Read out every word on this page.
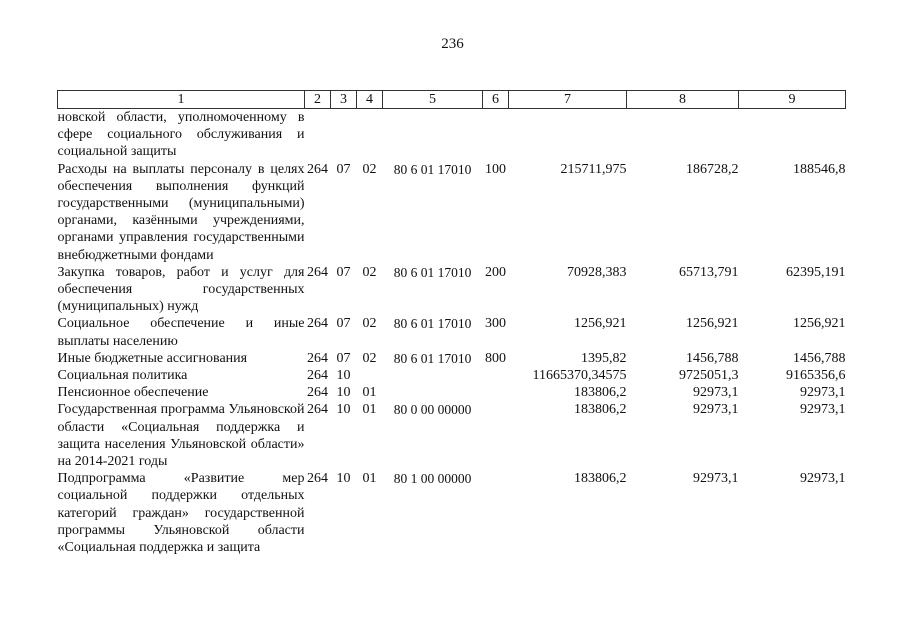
236
1	2	3	4	5	6	7	8	9
новской области, уполномоченному в сфере социального обслуживания и социальной защиты								
Расходы на выплаты персоналу в целях обеспечения выполнения функций государственными (муниципальными) органами, казёнными учреждениями, органами управления государственными внебюджетными фондами	264	07	02	80 6 01 17010	100	215711,975	186728,2	188546,8
Закупка товаров, работ и услуг для обеспечения государственных (муниципальных) нужд	264	07	02	80 6 01 17010	200	70928,383	65713,791	62395,191
Социальное обеспечение и иные выплаты населению	264	07	02	80 6 01 17010	300	1256,921	1256,921	1256,921
Иные бюджетные ассигнования	264	07	02	80 6 01 17010	800	1395,82	1456,788	1456,788
Социальная политика	264	10				11665370,34575	9725051,3	9165356,6
Пенсионное обеспечение	264	10	01			183806,2	92973,1	92973,1
Государственная программа Ульяновской области «Социальная поддержка и защита населения Ульяновской области» на 2014-2021 годы	264	10	01	80 0 00 00000		183806,2	92973,1	92973,1
Подпрограмма «Развитие мер социальной поддержки отдельных категорий граждан» государственной программы Ульяновской области «Социальная поддержка и защита	264	10	01	80 1 00 00000		183806,2	92973,1	92973,1
